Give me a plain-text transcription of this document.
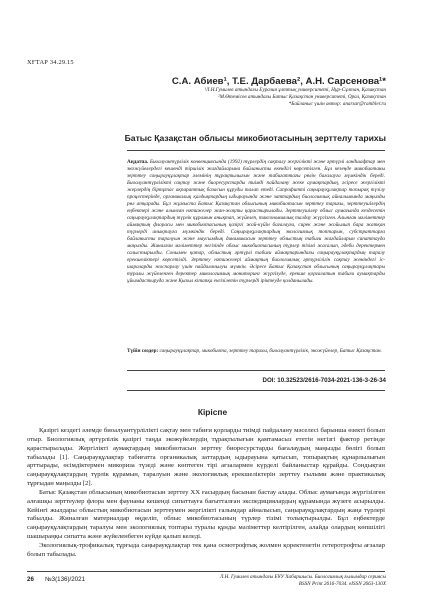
ХҒТАР 34.29.15
С.А. Абиев¹, Т.Е. Дарбаева², А.Н. Сарсенова¹*
¹Л.Н.Гумилев атындағы Еуразия ұлттық университеті, Нұр-Сұлтан, Қазақстан
²М.Өтемісов атындағы Батыс Қазақстан университеті, Орал, Қазақстан
*Байланыс үшін автор: anarsar@rambler.ru
Батыс Қазақстан облысы микобиотасының зерттелу тарихы
Аңдатпа. Биоалуантүрлілік конвенциясында (1992) түрлердің сақталу жергілікті және әртүрлі ландшафтар мен экожүйелердегі кешенді тіршілік жағдайларына байланысты екендігі көрсетілген. Бұл кезеңде микобиотаны зерттеу саңырауқұлақтар әлемінің тұрақтылығын және табиғаттағы рөлін бағалауға мүмкіндік береді. Биоалуантүрлілікті сақтау және биоресурстарды тиімді пайдалану жеке аумақтардың, әсіресе жергілікті жерлердің біртұтас ақпараттық базасын құруды талап етеді. Сапрофитті саңырауқұлақтар топырақ түзілу процестерінде, органикалық қалдықтардың ыдырауында және заттардың биологиялық айналымында маңызды рөл атқарады. Бұл жұмыста Батыс Қазақстан облысының микобиотасын зерттеу тарихы, зерттеушілердің еңбектері және алынған нәтижелер жан-жақты қарастырылады. Зерттеушілер облыс аумағында кездесетін саңырауқұлақтардың түрлік құрамын анықтап, жүйелеп, таксономиялық талдау жүргізген. Алынған мәліметтер аймақтың флорасы мен микобиотасының қазіргі жай-күйін бағалауға, сирек және жойылып бара жатқан түрлерді анықтауға мүмкіндік береді. Саңырауқұлақтардың экологиялық топтарын, субстраттарға байланысты таралуын және маусымдық динамикасын зерттеу облыстың табиғи жағдайларын сипаттауда маңызды. Жиналған мәліметтер негізінде облыс микобиотасының түрлер тізімі жасалып, әдеби деректермен салыстырылды. Сонымен қатар, облыстың әртүрлі табиғи аймақтарындағы саңырауқұлақтардың таралу ерекшеліктері көрсетілді. Зерттеу нәтижелері аймақтың биологиялық әртүрлілігін сақтау жөніндегі іс-шараларды жоспарлау үшін пайдаланылуы мүмкін. Әсіресе Батыс Қазақстан облысының саңырауқұлақтары туралы жүйеленген деректер микологиялық мониторинг жүргізуде, ерекше қорғалатын табиғи аумақтарды ұйымдастыруда және Қызыл кітапқа енгізілетін түрлерді іріктеуде қолданылады.
Түйін сөздер: саңырауқұлақтар, микобиота, зерттеу тарихы, биоалуантүрлілік, экожүйелер, Батыс Қазақстан.
DOI: 10.32523/2616-7034-2021-136-3-26-34
Кіріспе

Қазіргі кездегі әлемде биоалуантүрлілікті сақтау мен табиғи қорларды тиімді пайдалану мәселесі барынша өзекті болып отыр. Биологиялық әртүрлілік қазіргі таңда экожүйелердің тұрақтылығын қамтамасыз ететін негізгі фактор ретінде қарастырылады. Жергілікті аумақтардың микобиотасын зерттеу биоресурстарды бағалаудың маңызды бөлігі болып табылады [1]. Саңырауқұлақтар табиғатта органикалық заттардың ыдырауына қатысып, топырақтың құнарлылығын арттырады, өсімдіктермен микориза түзеді және көптеген тірі ағзалармен күрделі байланыстар құрайды. Сондықтан саңырауқұлақтардың түрлік құрамын, таралуын және экологиялық ерекшеліктерін зерттеу ғылыми және практикалық тұрғыдан маңызды [2].

Батыс Қазақстан облысының микобиотасын зерттеу XX ғасырдың басынан бастау алады. Облыс аумағында жүргізілген алғашқы зерттеулер флора мен фаунаны кешенді сипаттауға бағытталған экспедициялардың құрамында жүзеге асырылды. Кейінгі жылдары облыстың микобиотасын зерттеумен жергілікті ғалымдар айналысып, саңырауқұлақтардың жаңа түрлері табылды. Жиналған материалдар өңделіп, облыс микобиотасының түрлер тізімі толықтырылды. Бұл еңбектерде саңырауқұлақтардың таралуы мен экологиялық топтары туралы құнды мәліметтер келтірілген, алайда олардың көпшілігі шашыраңқы сипатта және жүйеленбеген күйде қалып келеді.

Экологиялық-трофикалық тұрғыда саңырауқұлақтар тек қана осмотрофтық жолмен қоректенетін гетеротрофты ағзалар болып табылады.

26 №3(136)/2021	Л.Н. Гумилев атындағы ЕҰУ Хабаршысы. Биологиялық ғылымдар сериясы
BSSN Print 2616-7034. eISSN 2663-130X
